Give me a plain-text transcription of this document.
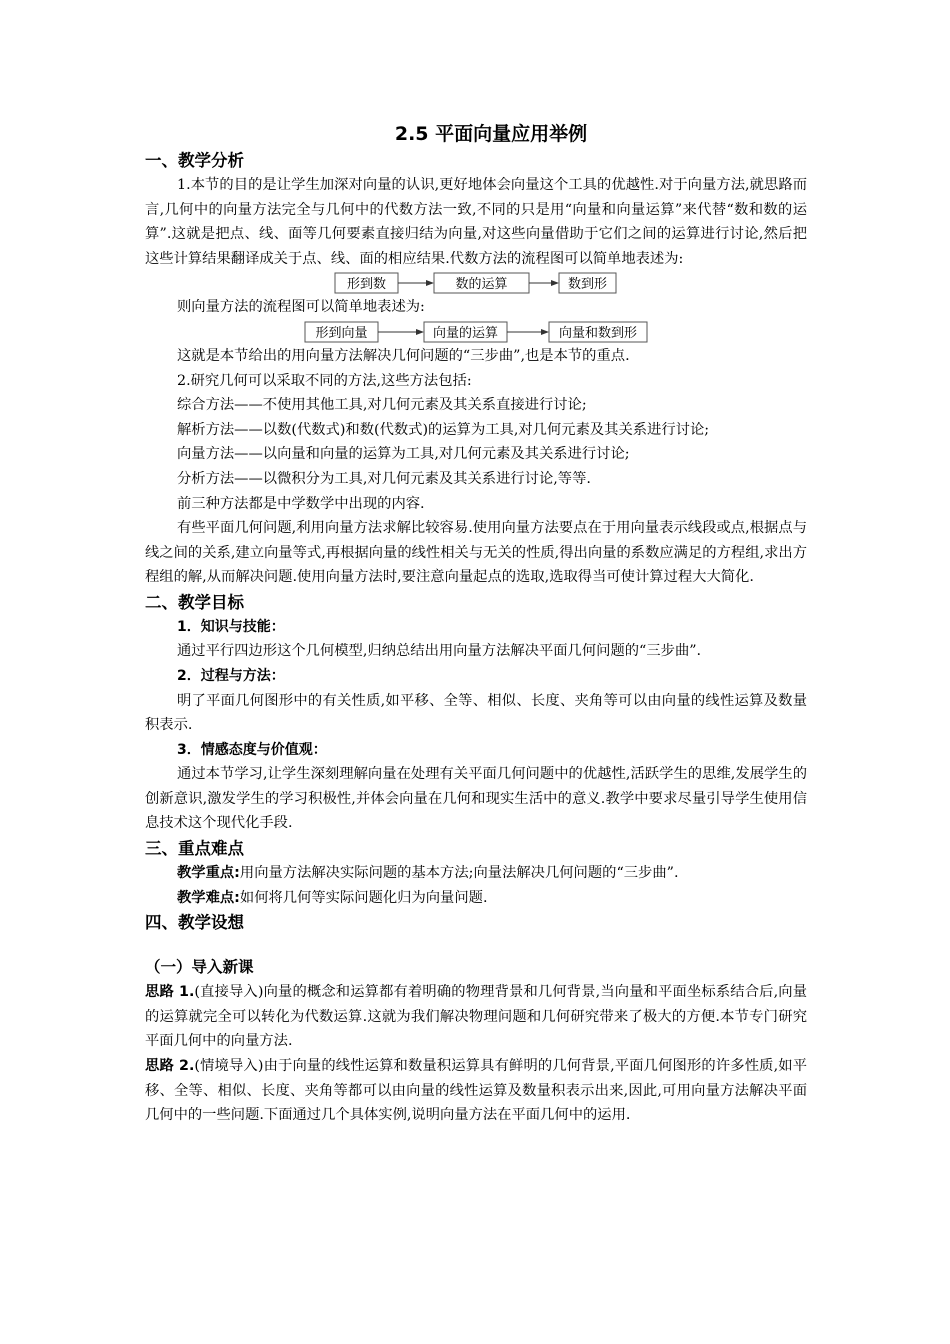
2.5 平面向量应用举例
一、教学分析

1.本节的目的是让学生加深对向量的认识,更好地体会向量这个工具的优越性.对于向量方法,就思路而言,几何中的向量方法完全与几何中的代数方法一致,不同的只是用“向量和向量运算”来代替“数和数的运算”.这就是把点、线、面等几何要素直接归结为向量,对这些向量借助于它们之间的运算进行讨论,然后把这些计算结果翻译成关于点、线、面的相应结果.代数方法的流程图可以简单地表述为:

形到数	数的运算	数到形

则向量方法的流程图可以简单地表述为:

形到向量	向量的运算	向量和数到形

这就是本节给出的用向量方法解决几何问题的“三步曲”,也是本节的重点.

2.研究几何可以采取不同的方法,这些方法包括:

综合方法——不使用其他工具,对几何元素及其关系直接进行讨论;

解析方法——以数(代数式)和数(代数式)的运算为工具,对几何元素及其关系进行讨论;

向量方法——以向量和向量的运算为工具,对几何元素及其关系进行讨论;

分析方法——以微积分为工具,对几何元素及其关系进行讨论,等等.

前三种方法都是中学数学中出现的内容.

有些平面几何问题,利用向量方法求解比较容易.使用向量方法要点在于用向量表示线段或点,根据点与线之间的关系,建立向量等式,再根据向量的线性相关与无关的性质,得出向量的系数应满足的方程组,求出方程组的解,从而解决问题.使用向量方法时,要注意向量起点的选取,选取得当可使计算过程大大简化.

二、教学目标
1．知识与技能：

通过平行四边形这个几何模型,归纳总结出用向量方法解决平面几何问题的“三步曲”.

2．过程与方法：

明了平面几何图形中的有关性质,如平移、全等、相似、长度、夹角等可以由向量的线性运算及数量积表示.

3．情感态度与价值观：

通过本节学习,让学生深刻理解向量在处理有关平面几何问题中的优越性,活跃学生的思维,发展学生的创新意识,激发学生的学习积极性,并体会向量在几何和现实生活中的意义.教学中要求尽量引导学生使用信息技术这个现代化手段.

三、重点难点

教学重点:用向量方法解决实际问题的基本方法;向量法解决几何问题的“三步曲”.

教学难点:如何将几何等实际问题化归为向量问题.

四、教学设想
（一）导入新课

思路 1.(直接导入)向量的概念和运算都有着明确的物理背景和几何背景,当向量和平面坐标系结合后,向量的运算就完全可以转化为代数运算.这就为我们解决物理问题和几何研究带来了极大的方便.本节专门研究平面几何中的向量方法.

思路 2.(情境导入)由于向量的线性运算和数量积运算具有鲜明的几何背景,平面几何图形的许多性质,如平移、全等、相似、长度、夹角等都可以由向量的线性运算及数量积表示出来,因此,可用向量方法解决平面几何中的一些问题.下面通过几个具体实例,说明向量方法在平面几何中的运用.
